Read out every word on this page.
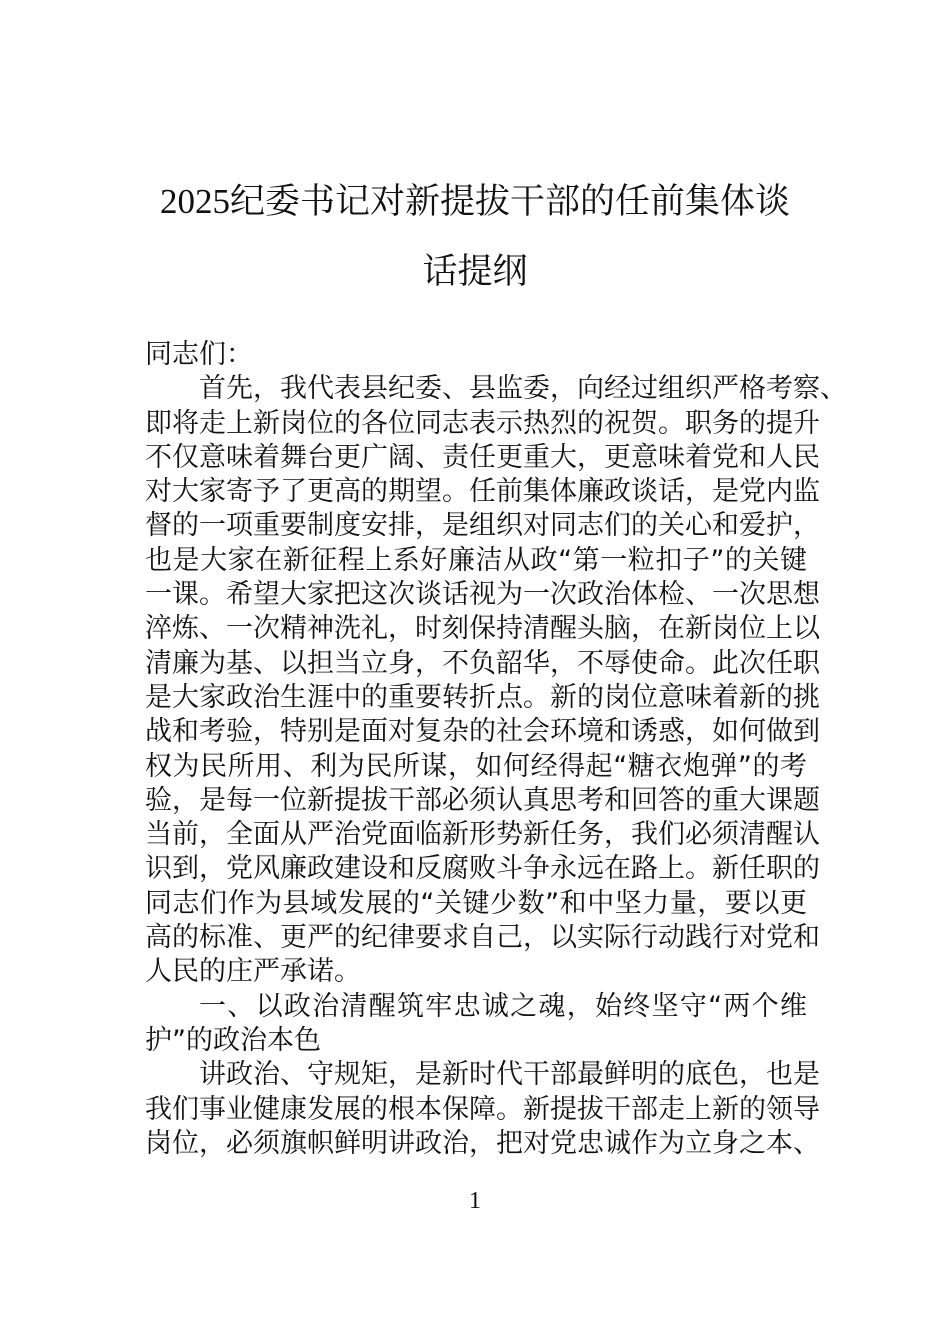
2025纪委书记对新提拔干部的任前集体谈
话提纲
同志们：
首先，我代表县纪委、县监委，向经过组织严格考察、
即将走上新岗位的各位同志表示热烈的祝贺。职务的提升
不仅意味着舞台更广阔、责任更重大，更意味着党和人民
对大家寄予了更高的期望。任前集体廉政谈话，是党内监
督的一项重要制度安排，是组织对同志们的关心和爱护，
也是大家在新征程上系好廉洁从政“第一粒扣子”的关键
一课。希望大家把这次谈话视为一次政治体检、一次思想
淬炼、一次精神洗礼，时刻保持清醒头脑，在新岗位上以
清廉为基、以担当立身，不负韶华，不辱使命。此次任职
是大家政治生涯中的重要转折点。新的岗位意味着新的挑
战和考验，特别是面对复杂的社会环境和诱惑，如何做到
权为民所用、利为民所谋，如何经得起“糖衣炮弹”的考
验，是每一位新提拔干部必须认真思考和回答的重大课题
当前，全面从严治党面临新形势新任务，我们必须清醒认
识到，党风廉政建设和反腐败斗争永远在路上。新任职的
同志们作为县域发展的“关键少数”和中坚力量，要以更
高的标准、更严的纪律要求自己，以实际行动践行对党和
人民的庄严承诺。
一、以政治清醒筑牢忠诚之魂，始终坚守“两个维
护”的政治本色
讲政治、守规矩，是新时代干部最鲜明的底色，也是
我们事业健康发展的根本保障。新提拔干部走上新的领导
岗位，必须旗帜鲜明讲政治，把对党忠诚作为立身之本、
1
